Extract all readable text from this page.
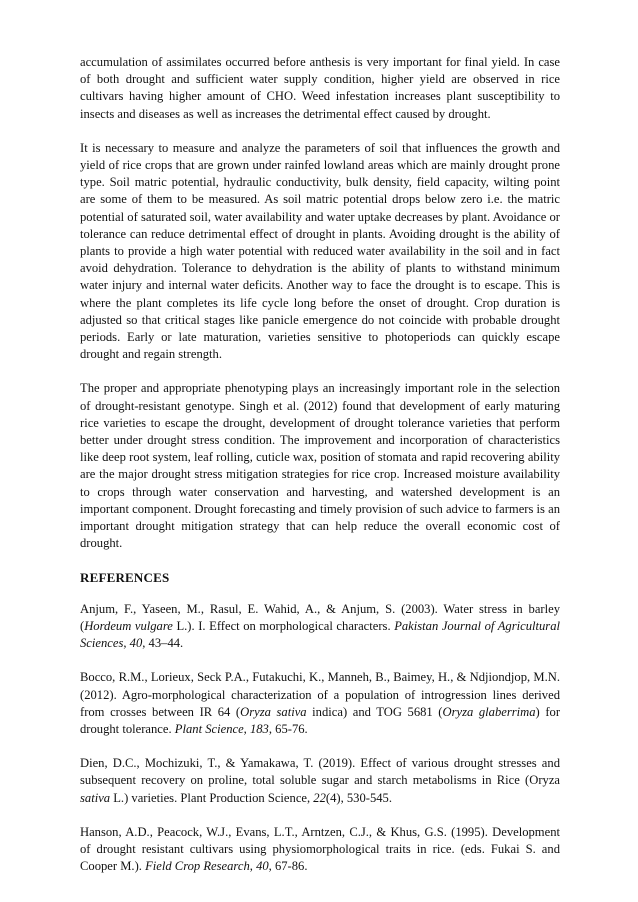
accumulation of assimilates occurred before anthesis is very important for final yield. In case of both drought and sufficient water supply condition, higher yield are observed in rice cultivars having higher amount of CHO. Weed infestation increases plant susceptibility to insects and diseases as well as increases the detrimental effect caused by drought.

It is necessary to measure and analyze the parameters of soil that influences the growth and yield of rice crops that are grown under rainfed lowland areas which are mainly drought prone type. Soil matric potential, hydraulic conductivity, bulk density, field capacity, wilting point are some of them to be measured. As soil matric potential drops below zero i.e. the matric potential of saturated soil, water availability and water uptake decreases by plant. Avoidance or tolerance can reduce detrimental effect of drought in plants. Avoiding drought is the ability of plants to provide a high water potential with reduced water availability in the soil and in fact avoid dehydration. Tolerance to dehydration is the ability of plants to withstand minimum water injury and internal water deficits. Another way to face the drought is to escape. This is where the plant completes its life cycle long before the onset of drought. Crop duration is adjusted so that critical stages like panicle emergence do not coincide with probable drought periods. Early or late maturation, varieties sensitive to photoperiods can quickly escape drought and regain strength.

The proper and appropriate phenotyping plays an increasingly important role in the selection of drought-resistant genotype. Singh et al. (2012) found that development of early maturing rice varieties to escape the drought, development of drought tolerance varieties that perform better under drought stress condition. The improvement and incorporation of characteristics like deep root system, leaf rolling, cuticle wax, position of stomata and rapid recovering ability are the major drought stress mitigation strategies for rice crop. Increased moisture availability to crops through water conservation and harvesting, and watershed development is an important component. Drought forecasting and timely provision of such advice to farmers is an important drought mitigation strategy that can help reduce the overall economic cost of drought.

REFERENCES
Anjum, F., Yaseen, M., Rasul, E. Wahid, A., & Anjum, S. (2003). Water stress in barley (Hordeum vulgare L.). I. Effect on morphological characters. Pakistan Journal of Agricultural Sciences, 40, 43–44.
Bocco, R.M., Lorieux, Seck P.A., Futakuchi, K., Manneh, B., Baimey, H., & Ndjiondjop, M.N. (2012). Agro-morphological characterization of a population of introgression lines derived from crosses between IR 64 (Oryza sativa indica) and TOG 5681 (Oryza glaberrima) for drought tolerance. Plant Science, 183, 65-76.
Dien, D.C., Mochizuki, T., & Yamakawa, T. (2019). Effect of various drought stresses and subsequent recovery on proline, total soluble sugar and starch metabolisms in Rice (Oryza sativa L.) varieties. Plant Production Science, 22(4), 530-545.
Hanson, A.D., Peacock, W.J., Evans, L.T., Arntzen, C.J., & Khus, G.S. (1995). Development of drought resistant cultivars using physiomorphological traits in rice. (eds. Fukai S. and Cooper M.). Field Crop Research, 40, 67-86.
